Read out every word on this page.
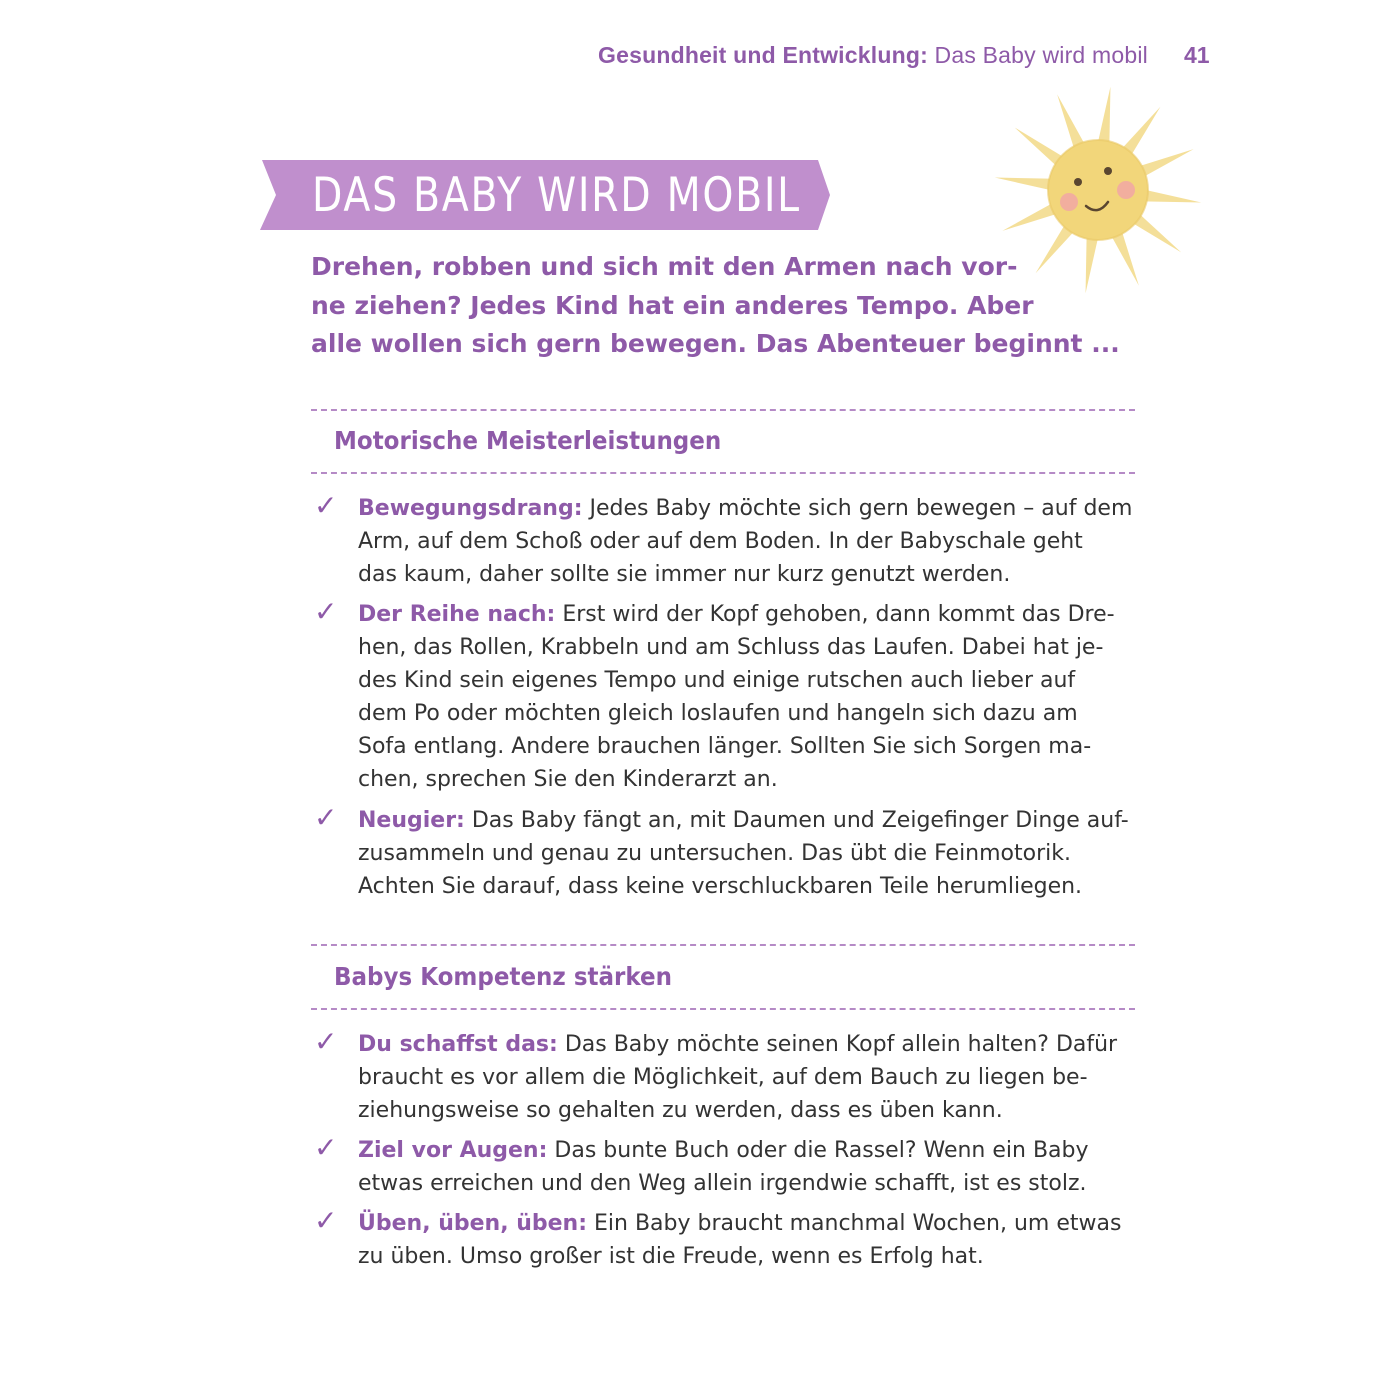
Gesundheit und Entwicklung: Das Baby wird mobil 41
DAS BABY WIRD MOBIL
Drehen, robben und sich mit den Armen nach vor-
ne ziehen? Jedes Kind hat ein anderes Tempo. Aber
alle wollen sich gern bewegen. Das Abenteuer beginnt ...
Motorische Meisterleistungen
✓ Bewegungsdrang: Jedes Baby möchte sich gern bewegen – auf dem
Arm, auf dem Schoß oder auf dem Boden. In der Babyschale geht
das kaum, daher sollte sie immer nur kurz genutzt werden.
✓ Der Reihe nach: Erst wird der Kopf gehoben, dann kommt das Dre-
hen, das Rollen, Krabbeln und am Schluss das Laufen. Dabei hat je-
des Kind sein eigenes Tempo und einige rutschen auch lieber auf
dem Po oder möchten gleich loslaufen und hangeln sich dazu am
Sofa entlang. Andere brauchen länger. Sollten Sie sich Sorgen ma-
chen, sprechen Sie den Kinderarzt an.
✓ Neugier: Das Baby fängt an, mit Daumen und Zeigefinger Dinge auf-
zusammeln und genau zu untersuchen. Das übt die Feinmotorik.
Achten Sie darauf, dass keine verschluckbaren Teile herumliegen.
Babys Kompetenz stärken
✓ Du schaffst das: Das Baby möchte seinen Kopf allein halten? Dafür
braucht es vor allem die Möglichkeit, auf dem Bauch zu liegen be-
ziehungsweise so gehalten zu werden, dass es üben kann.
✓ Ziel vor Augen: Das bunte Buch oder die Rassel? Wenn ein Baby
etwas erreichen und den Weg allein irgendwie schafft, ist es stolz.
✓ Üben, üben, üben: Ein Baby braucht manchmal Wochen, um etwas
zu üben. Umso großer ist die Freude, wenn es Erfolg hat.
